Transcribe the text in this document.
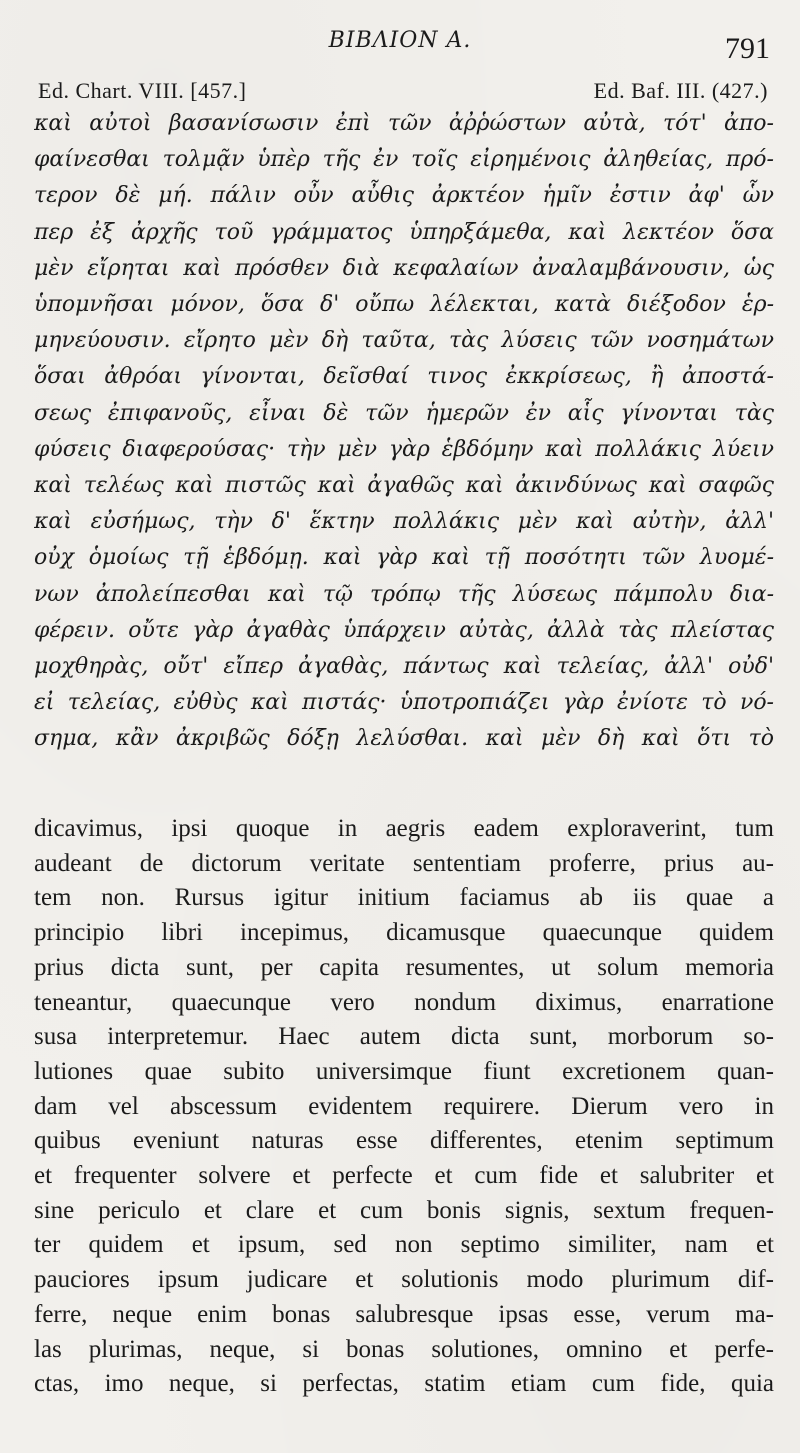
ΒΙΒΛΙΟΝ Α.	791
Ed. Chart. VIII. [457.]	Ed. Baf. III. (427.)
καὶ αὐτοὶ βασανίσωσιν ἐπὶ τῶν ἀῤῥώστων αὐτὰ, τότ' ἀπο-
φαίνεσθαι τολμᾷν ὑπὲρ τῆς ἐν τοῖς εἰρημένοις ἀληθείας, πρό-
τερον δὲ μή. πάλιν οὖν αὖθις ἀρκτέον ἡμῖν ἐστιν ἀφ' ὧν
περ ἐξ ἀρχῆς τοῦ γράμματος ὑπηρξάμεθα, καὶ λεκτέον ὅσα
μὲν εἴρηται καὶ πρόσθεν διὰ κεφαλαίων ἀναλαμβάνουσιν, ὡς
ὑπομνῆσαι μόνον, ὅσα δ' οὔπω λέλεκται, κατὰ διέξοδον ἑρ-
μηνεύουσιν. εἴρητο μὲν δὴ ταῦτα, τὰς λύσεις τῶν νοσημάτων
ὅσαι ἀθρόαι γίνονται, δεῖσθαί τινος ἐκκρίσεως, ἢ ἀποστά-
σεως ἐπιφανοῦς, εἶναι δὲ τῶν ἡμερῶν ἐν αἷς γίνονται τὰς
φύσεις διαφερούσας· τὴν μὲν γὰρ ἑβδόμην καὶ πολλάκις λύειν
καὶ τελέως καὶ πιστῶς καὶ ἀγαθῶς καὶ ἀκινδύνως καὶ σαφῶς
καὶ εὐσήμως, τὴν δ' ἕκτην πολλάκις μὲν καὶ αὐτὴν, ἀλλ'
οὐχ ὁμοίως τῇ ἑβδόμῃ. καὶ γὰρ καὶ τῇ ποσότητι τῶν λυομέ-
νων ἀπολείπεσθαι καὶ τῷ τρόπῳ τῆς λύσεως πάμπολυ δια-
φέρειν. οὔτε γὰρ ἀγαθὰς ὑπάρχειν αὐτὰς, ἀλλὰ τὰς πλείστας
μοχθηρὰς, οὔτ' εἴπερ ἀγαθὰς, πάντως καὶ τελείας, ἀλλ' οὐδ'
εἰ τελείας, εὐθὺς καὶ πιστάς· ὑποτροπιάζει γὰρ ἐνίοτε τὸ νό-
σημα, κἂν ἀκριβῶς δόξῃ λελύσθαι. καὶ μὲν δὴ καὶ ὅτι τὸ
dicavimus, ipsi quoque in aegris eadem exploraverint, tum
audeant de dictorum veritate sententiam proferre, prius au-
tem non. Rursus igitur initium faciamus ab iis quae a
principio libri incepimus, dicamusque quaecunque quidem
prius dicta sunt, per capita resumentes, ut solum memoria
teneantur, quaecunque vero nondum diximus, enarratione
susa interpretemur. Haec autem dicta sunt, morborum so-
lutiones quae subito universimque fiunt excretionem quan-
dam vel abscessum evidentem requirere. Dierum vero in
quibus eveniunt naturas esse differentes, etenim septimum
et frequenter solvere et perfecte et cum fide et salubriter et
sine periculo et clare et cum bonis signis, sextum frequen-
ter quidem et ipsum, sed non septimo similiter, nam et
pauciores ipsum judicare et solutionis modo plurimum dif-
ferre, neque enim bonas salubresque ipsas esse, verum ma-
las plurimas, neque, si bonas solutiones, omnino et perfe-
ctas, imo neque, si perfectas, statim etiam cum fide, quia
